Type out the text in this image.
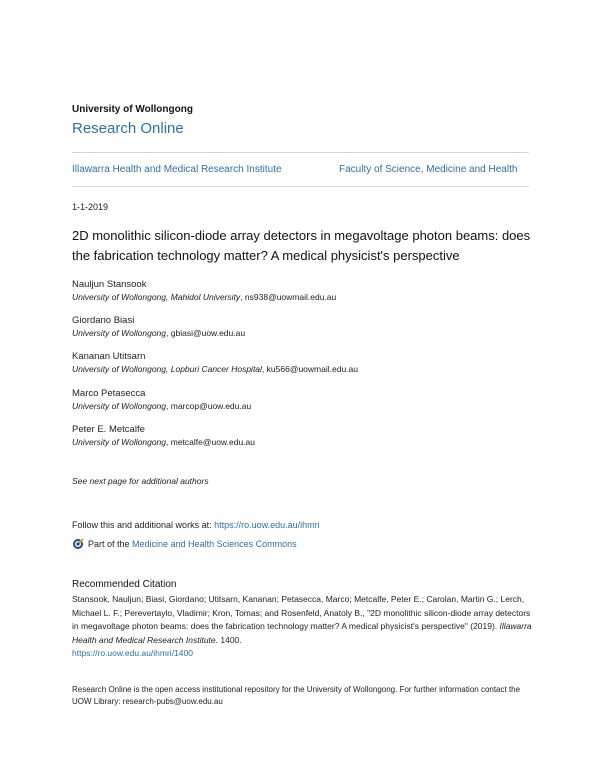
University of Wollongong
Research Online
Illawarra Health and Medical Research Institute	Faculty of Science, Medicine and Health
1-1-2019
2D monolithic silicon-diode array detectors in megavoltage photon beams: does the fabrication technology matter? A medical physicist's perspective
Nauljun Stansook
University of Wollongong, Mahidol University, ns938@uowmail.edu.au
Giordano Biasi
University of Wollongong, gbiasi@uow.edu.au
Kananan Utitsarn
University of Wollongong, Lopburi Cancer Hospital, ku566@uowmail.edu.au
Marco Petasecca
University of Wollongong, marcop@uow.edu.au
Peter E. Metcalfe
University of Wollongong, metcalfe@uow.edu.au
See next page for additional authors
Follow this and additional works at: https://ro.uow.edu.au/ihmri
Part of the
Medicine and Health Sciences Commons
Recommended Citation
Stansook, Nauljun; Biasi, Giordano; Utitsarn, Kananan; Petasecca, Marco; Metcalfe, Peter E.; Carolan, Martin G.; Lerch, Michael L. F.; Perevertaylo, Vladimir; Kron, Tomas; and Rosenfeld, Anatoly B., "2D monolithic silicon-diode array detectors in megavoltage photon beams: does the fabrication technology matter? A medical physicist's perspective" (2019). Illawarra Health and Medical Research Institute. 1400.
https://ro.uow.edu.au/ihmri/1400
Research Online is the open access institutional repository for the University of Wollongong. For further information contact the UOW Library: research-pubs@uow.edu.au
